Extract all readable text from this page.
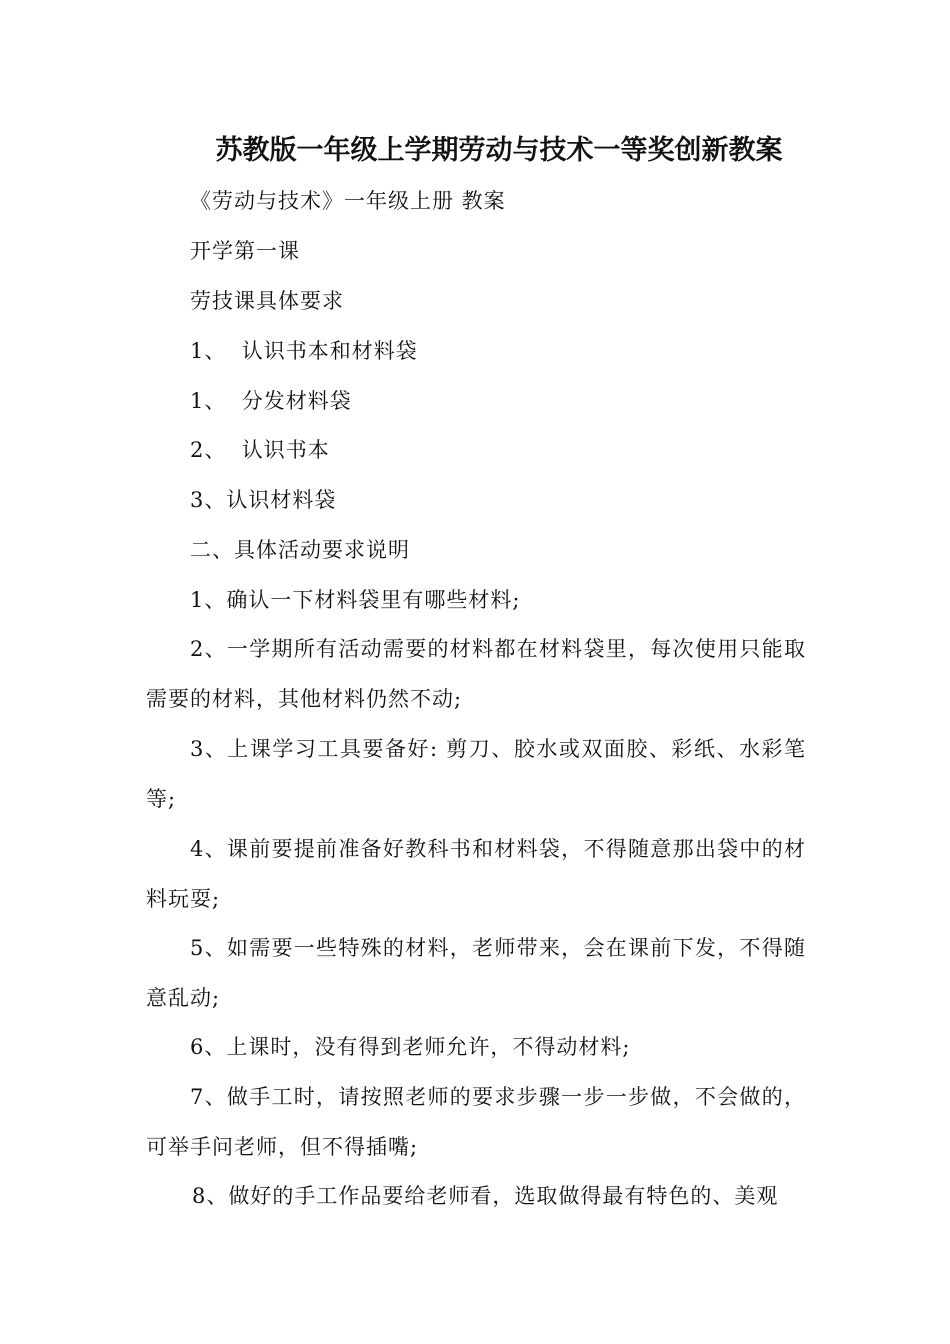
苏教版一年级上学期劳动与技术一等奖创新教案
《劳动与技术》一年级上册 教案
开学第一课
劳技课具体要求
1、  认识书本和材料袋
1、  分发材料袋
2、  认识书本
3、认识材料袋
二、具体活动要求说明
1、确认一下材料袋里有哪些材料;
2、一学期所有活动需要的材料都在材料袋里，每次使用只能取需要的材料，其他材料仍然不动;
3、上课学习工具要备好: 剪刀、胶水或双面胶、彩纸、水彩笔等;
4、课前要提前准备好教科书和材料袋，不得随意那出袋中的材料玩耍;
5、如需要一些特殊的材料，老师带来，会在课前下发，不得随意乱动;
6、上课时，没有得到老师允许，不得动材料;
7、做手工时，请按照老师的要求步骤一步一步做，不会做的，可举手问老师，但不得插嘴;
8、做好的手工作品要给老师看，选取做得最有特色的、美观
